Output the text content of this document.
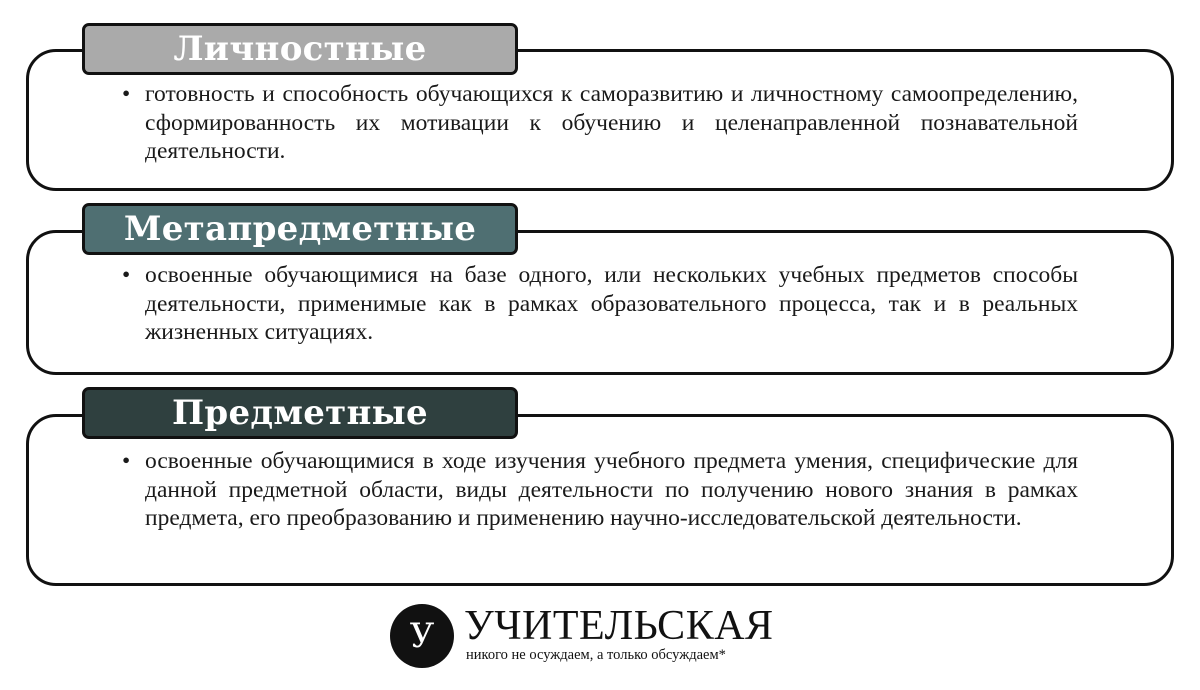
Личностные
• готовность и способность обучающихся к саморазвитию и личностному самоопределению, сформированность их мотивации к обучению и целенаправленной познавательной деятельности.
Метапредметные
• освоенные обучающимися на базе одного, или нескольких учебных предметов способы деятельности, применимые как в рамках образовательного процесса, так и в реальных жизненных ситуациях.
Предметные
• освоенные обучающимися в ходе изучения учебного предмета умения, специфические для данной предметной области, виды деятельности по получению нового знания в рамках предмета, его преобразованию и применению научно-исследовательской деятельности.
У УЧИТЕЛЬСКАЯ
никого не осуждаем, а только обсуждаем*
